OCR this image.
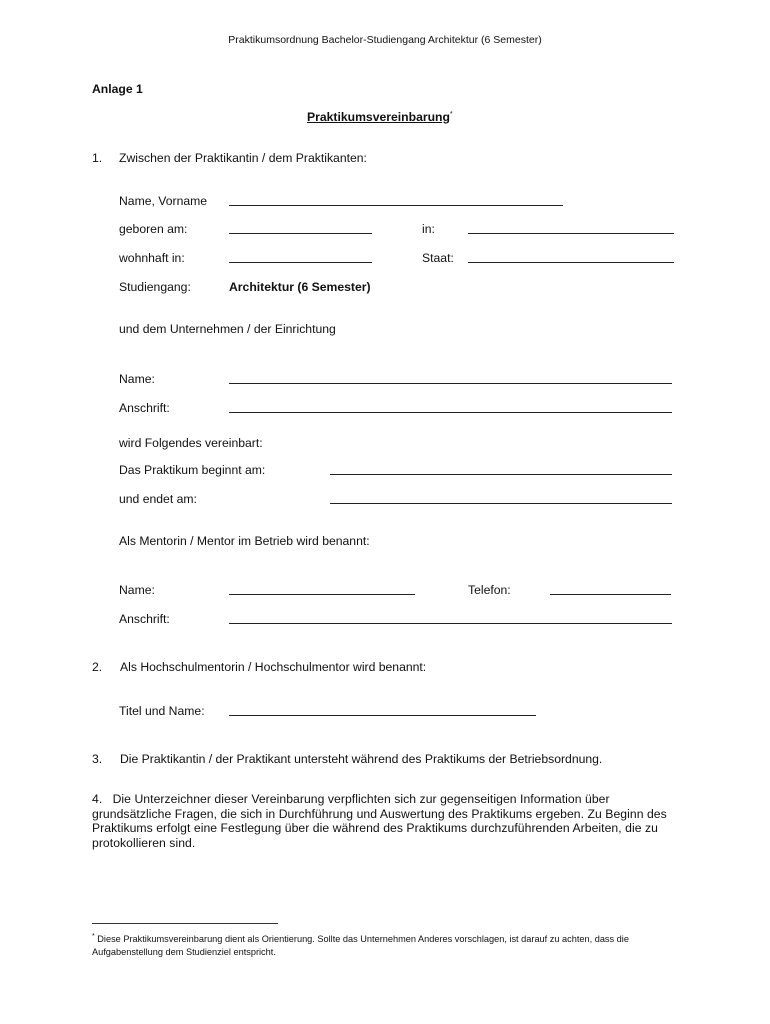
Praktikumsordnung Bachelor-Studiengang Architektur (6 Semester)
Anlage 1
Praktikumsvereinbarung*
1. Zwischen der Praktikantin / dem Praktikanten:
Name, Vorname
geboren am:	in:
wohnhaft in:	Staat:
Studiengang:	Architektur (6 Semester)
und dem Unternehmen / der Einrichtung
Name:
Anschrift:
wird Folgendes vereinbart:
Das Praktikum beginnt am:
und endet am:
Als Mentorin / Mentor im Betrieb wird benannt:
Name:	Telefon:
Anschrift:
2. Als Hochschulmentorin / Hochschulmentor wird benannt:
Titel und Name:
3. Die Praktikantin / der Praktikant untersteht während des Praktikums der Betriebsordnung.
4. Die Unterzeichner dieser Vereinbarung verpflichten sich zur gegenseitigen Information über grundsätzliche Fragen, die sich in Durchführung und Auswertung des Praktikums ergeben. Zu Beginn des Praktikums erfolgt eine Festlegung über die während des Praktikums durchzuführenden Arbeiten, die zu protokollieren sind.
* Diese Praktikumsvereinbarung dient als Orientierung. Sollte das Unternehmen Anderes vorschlagen, ist darauf zu achten, dass die Aufgabenstellung dem Studienziel entspricht.
